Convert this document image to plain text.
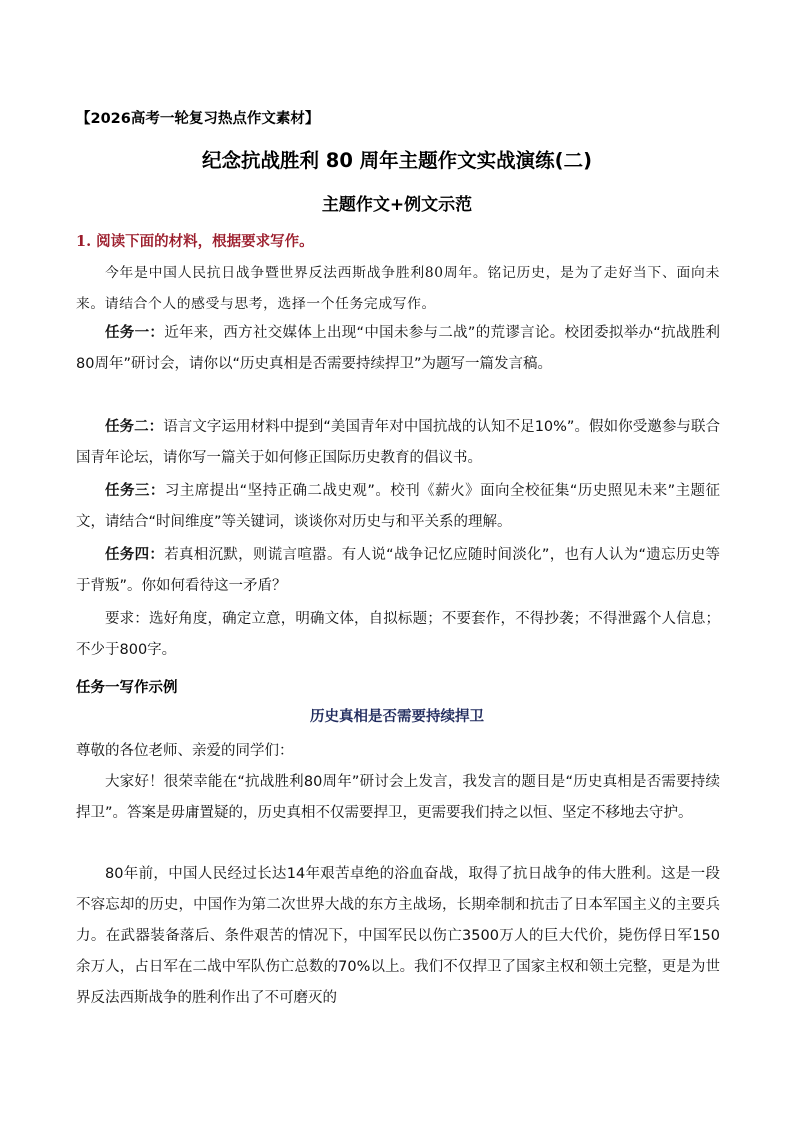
【2026高考一轮复习热点作文素材】
纪念抗战胜利 80 周年主题作文实战演练(二)
主题作文+例文示范
1. 阅读下面的材料，根据要求写作。
今年是中国人民抗日战争暨世界反法西斯战争胜利80周年。铭记历史，是为了走好当下、面向未来。请结合个人的感受与思考，选择一个任务完成写作。
任务一：近年来，西方社交媒体上出现“中国未参与二战”的荒谬言论。校团委拟举办“抗战胜利80周年”研讨会，请你以“历史真相是否需要持续捍卫”为题写一篇发言稿。
任务二：语言文字运用材料中提到“美国青年对中国抗战的认知不足10%”。假如你受邀参与联合国青年论坛，请你写一篇关于如何修正国际历史教育的倡议书。
任务三：习主席提出“坚持正确二战史观”。校刊《薪火》面向全校征集“历史照见未来”主题征文，请结合“时间维度”等关键词，谈谈你对历史与和平关系的理解。
任务四：若真相沉默，则谎言喧嚣。有人说“战争记忆应随时间淡化”，也有人认为“遗忘历史等于背叛”。你如何看待这一矛盾？
要求：选好角度，确定立意，明确文体，自拟标题；不要套作，不得抄袭；不得泄露个人信息；不少于800字。
任务一写作示例
历史真相是否需要持续捍卫
尊敬的各位老师、亲爱的同学们：
大家好！很荣幸能在“抗战胜利80周年”研讨会上发言，我发言的题目是“历史真相是否需要持续捍卫”。答案是毋庸置疑的，历史真相不仅需要捍卫，更需要我们持之以恒、坚定不移地去守护。
80年前，中国人民经过长达14年艰苦卓绝的浴血奋战，取得了抗日战争的伟大胜利。这是一段不容忘却的历史，中国作为第二次世界大战的东方主战场，长期牵制和抗击了日本军国主义的主要兵力。在武器装备落后、条件艰苦的情况下，中国军民以伤亡3500万人的巨大代价，毙伤俘日军150余万人，占日军在二战中军队伤亡总数的70%以上。我们不仅捍卫了国家主权和领土完整，更是为世界反法西斯战争的胜利作出了不可磨灭的
